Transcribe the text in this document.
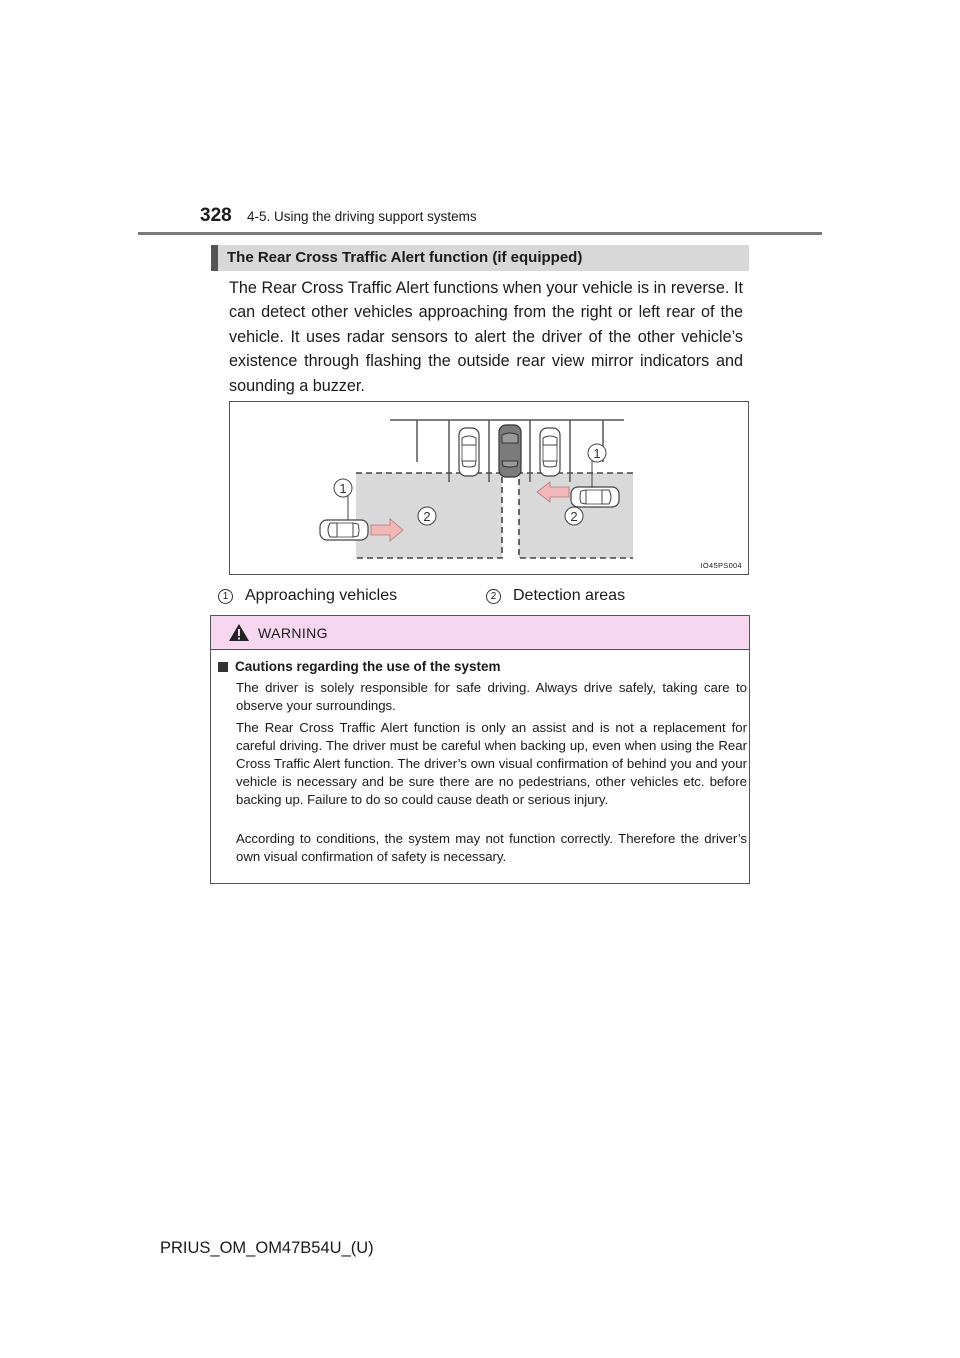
328 4-5. Using the driving support systems
The Rear Cross Traffic Alert function (if equipped)

The Rear Cross Traffic Alert functions when your vehicle is in reverse. It can detect other vehicles approaching from the right or left rear of the vehicle. It uses radar sensors to alert the driver of the other vehicle’s existence through flashing the outside rear view mirror indicators and sounding a buzzer.

1
1
2	2
IO45PS004
1 Approaching vehicles	2 Detection areas
WARNING
Cautions regarding the use of the system

The driver is solely responsible for safe driving. Always drive safely, taking care to observe your surroundings.

The Rear Cross Traffic Alert function is only an assist and is not a replacement for careful driving. The driver must be careful when backing up, even when using the Rear Cross Traffic Alert function. The driver’s own visual confirmation of behind you and your vehicle is necessary and be sure there are no pedestrians, other vehicles etc. before backing up. Failure to do so could cause death or serious injury.

According to conditions, the system may not function correctly. Therefore the driver’s own visual confirmation of safety is necessary.

PRIUS_OM_OM47B54U_(U)
